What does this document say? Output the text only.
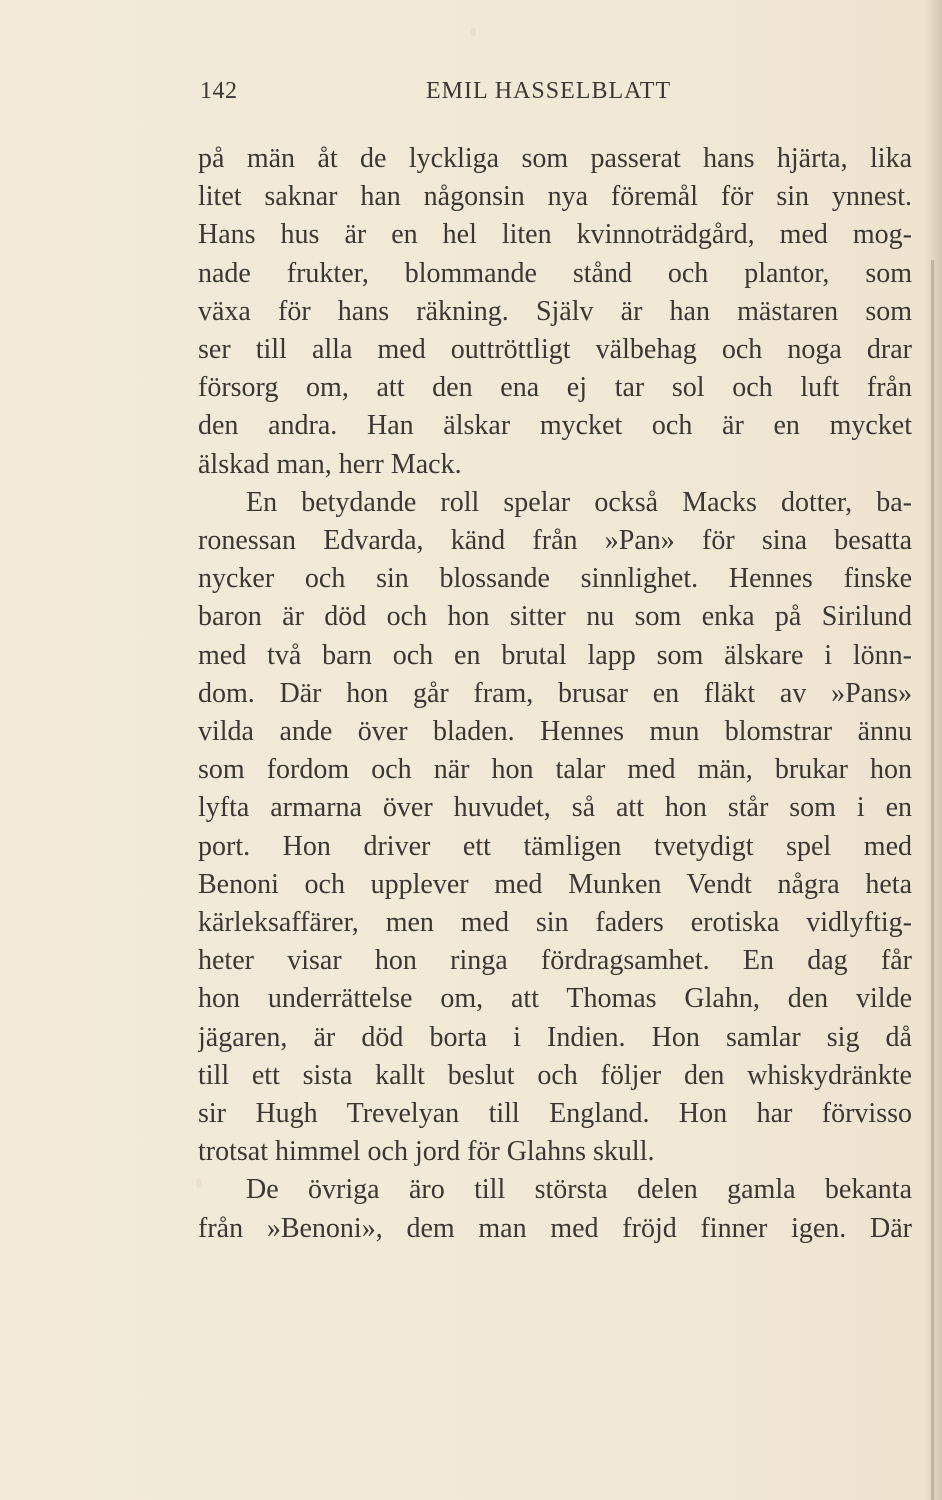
142	EMIL HASSELBLATT
på män åt de lyckliga som passerat hans hjärta, lika
litet saknar han någonsin nya föremål för sin ynnest.
Hans hus är en hel liten kvinnoträdgård, med mog-
nade frukter, blommande stånd och plantor, som
växa för hans räkning. Själv är han mästaren som
ser till alla med outtröttligt välbehag och noga drar
försorg om, att den ena ej tar sol och luft från
den andra. Han älskar mycket och är en mycket
älskad man, herr Mack.
En betydande roll spelar också Macks dotter, ba-
ronessan Edvarda, känd från »Pan» för sina besatta
nycker och sin blossande sinnlighet. Hennes finske
baron är död och hon sitter nu som enka på Sirilund
med två barn och en brutal lapp som älskare i lönn-
dom. Där hon går fram, brusar en fläkt av »Pans»
vilda ande över bladen. Hennes mun blomstrar ännu
som fordom och när hon talar med män, brukar hon
lyfta armarna över huvudet, så att hon står som i en
port. Hon driver ett tämligen tvetydigt spel med
Benoni och upplever med Munken Vendt några heta
kärleksaffärer, men med sin faders erotiska vidlyftig-
heter visar hon ringa fördragsamhet. En dag får
hon underrättelse om, att Thomas Glahn, den vilde
jägaren, är död borta i Indien. Hon samlar sig då
till ett sista kallt beslut och följer den whiskydränkte
sir Hugh Trevelyan till England. Hon har förvisso
trotsat himmel och jord för Glahns skull.
De övriga äro till största delen gamla bekanta
från »Benoni», dem man med fröjd finner igen. Där
